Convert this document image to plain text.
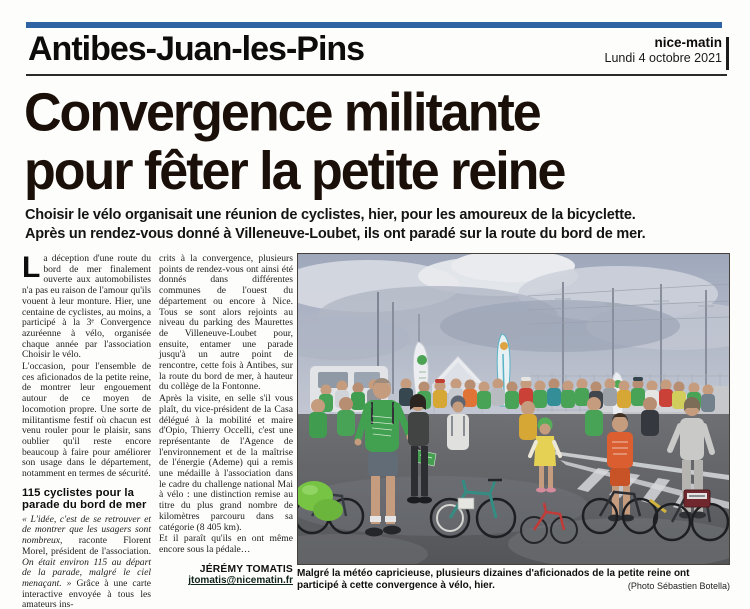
Antibes-Juan-les-Pins	nice-matin
Lundi 4 octobre 2021
Convergence militante
pour fêter la petite reine

Choisir le vélo organisait une réunion de cyclistes, hier, pour les amoureux de la bicyclette.
Après un rendez-vous donné à Villeneuve-Loubet, ils ont paradé sur la route du bord de mer.

La déception d'une route du bord de mer finalement ouverte aux automobilistes n'a pas eu raison de l'amour qu'ils vouent à leur monture. Hier, une centaine de cyclistes, au moins, a participé à la 3ᵉ Convergence azuréenne à vélo, organisée chaque année par l'association Choisir le vélo.

L'occasion, pour l'ensemble de ces aficionados de la petite reine, de montrer leur engouement autour de ce moyen de locomotion propre. Une sorte de militantisme festif où chacun est venu rouler pour le plaisir, sans oublier qu'il reste encore beaucoup à faire pour améliorer son usage dans le département, notamment en termes de sécurité.

115 cyclistes pour la parade du bord de mer

« L'idée, c'est de se retrouver et de montrer que les usagers sont nombreux, raconte Florent Morel, président de l'association. On était environ 115 au départ de la parade, malgré le ciel menaçant. » Grâce à une carte interactive envoyée à tous les amateurs ins-

crits à la convergence, plusieurs points de rendez-vous ont ainsi été donnés dans différentes communes de l'ouest du département ou encore à Nice. Tous se sont alors rejoints au niveau du parking des Maurettes de Villeneuve-Loubet pour, ensuite, entamer une parade jusqu'à un autre point de rencontre, cette fois à Antibes, sur la route du bord de mer, à hauteur du collège de la Fontonne.

Après la visite, en selle s'il vous plaît, du vice-président de la Casa délégué à la mobilité et maire d'Opio, Thierry Occelli, c'est une représentante de l'Agence de l'environnement et de la maîtrise de l'énergie (Ademe) qui a remis une médaille à l'association dans le cadre du challenge national Mai à vélo : une distinction remise au titre du plus grand nombre de kilomètres parcouru dans sa catégorie (8 405 km).

Et il paraît qu'ils en ont même encore sous la pédale…

JÉRÉMY TOMATIS
jtomatis@nicematin.fr
Malgré la météo capricieuse, plusieurs dizaines d'aficionados de la petite reine ont participé à cette convergence à vélo, hier.	(Photo Sébastien Botella)
